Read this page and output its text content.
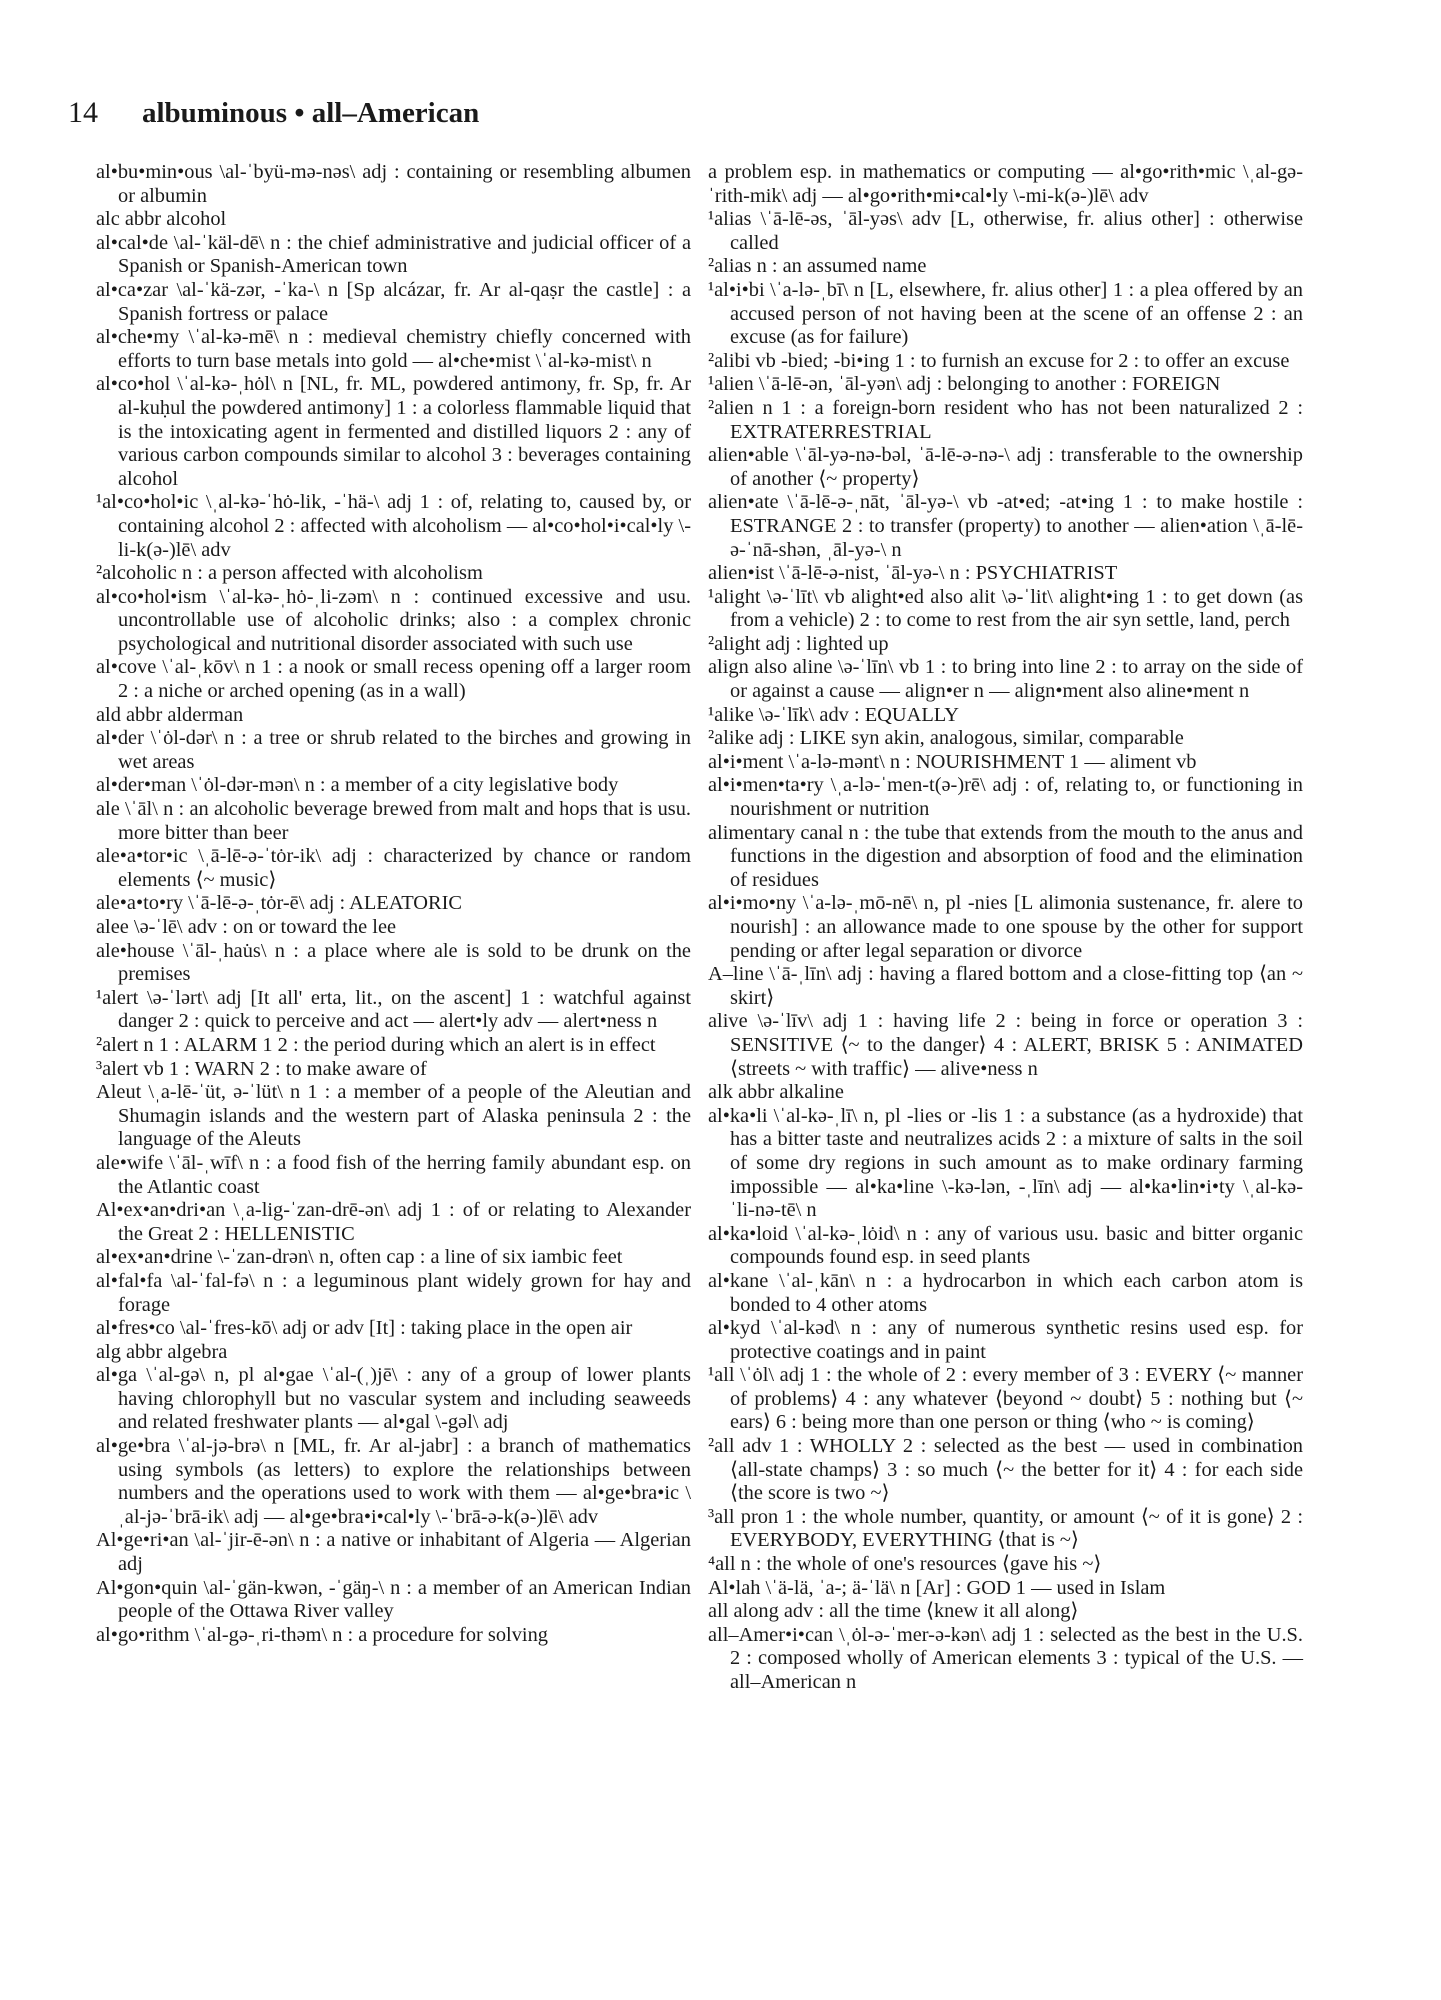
14 albuminous • all–American

al•bu•min•ous \al-ˈbyü-mə-nəs\ adj : containing or resembling albumen or albumin

alc abbr alcohol

al•cal•de \al-ˈkäl-dē\ n : the chief administrative and judicial officer of a Spanish or Spanish-American town

al•ca•zar \al-ˈkä-zər, -ˈka-\ n [Sp alcázar, fr. Ar al-qaṣr the castle] : a Spanish fortress or palace

al•che•my \ˈal-kə-mē\ n : medieval chemistry chiefly concerned with efforts to turn base metals into gold — al•che•mist \ˈal-kə-mist\ n

al•co•hol \ˈal-kə-ˌhȯl\ n [NL, fr. ML, powdered antimony, fr. Sp, fr. Ar al-kuḥul the powdered antimony] 1 : a colorless flammable liquid that is the intoxicating agent in fermented and distilled liquors 2 : any of various carbon compounds similar to alcohol 3 : beverages containing alcohol

¹al•co•hol•ic \ˌal-kə-ˈhȯ-lik, -ˈhä-\ adj 1 : of, relating to, caused by, or containing alcohol 2 : affected with alcoholism — al•co•hol•i•cal•ly \-li-k(ə-)lē\ adv

²alcoholic n : a person affected with alcoholism

al•co•hol•ism \ˈal-kə-ˌhȯ-ˌli-zəm\ n : continued excessive and usu. uncontrollable use of alcoholic drinks; also : a complex chronic psychological and nutritional disorder associated with such use

al•cove \ˈal-ˌkōv\ n 1 : a nook or small recess opening off a larger room 2 : a niche or arched opening (as in a wall)

ald abbr alderman

al•der \ˈȯl-dər\ n : a tree or shrub related to the birches and growing in wet areas

al•der•man \ˈȯl-dər-mən\ n : a member of a city legislative body

ale \ˈāl\ n : an alcoholic beverage brewed from malt and hops that is usu. more bitter than beer

ale•a•tor•ic \ˌā-lē-ə-ˈtȯr-ik\ adj : characterized by chance or random elements ⟨~ music⟩

ale•a•to•ry \ˈā-lē-ə-ˌtȯr-ē\ adj : ALEATORIC

alee \ə-ˈlē\ adv : on or toward the lee

ale•house \ˈāl-ˌhau̇s\ n : a place where ale is sold to be drunk on the premises

¹alert \ə-ˈlərt\ adj [It all' erta, lit., on the ascent] 1 : watchful against danger 2 : quick to perceive and act — alert•ly adv — alert•ness n

²alert n 1 : ALARM 1 2 : the period during which an alert is in effect

³alert vb 1 : WARN 2 : to make aware of

Aleut \ˌa-lē-ˈüt, ə-ˈlüt\ n 1 : a member of a people of the Aleutian and Shumagin islands and the western part of Alaska peninsula 2 : the language of the Aleuts

ale•wife \ˈāl-ˌwīf\ n : a food fish of the herring family abundant esp. on the Atlantic coast

Al•ex•an•dri•an \ˌa-lig-ˈzan-drē-ən\ adj 1 : of or relating to Alexander the Great 2 : HELLENISTIC

al•ex•an•drine \-ˈzan-drən\ n, often cap : a line of six iambic feet

al•fal•fa \al-ˈfal-fə\ n : a leguminous plant widely grown for hay and forage

al•fres•co \al-ˈfres-kō\ adj or adv [It] : taking place in the open air

alg abbr algebra

al•ga \ˈal-gə\ n, pl al•gae \ˈal-(ˌ)jē\ : any of a group of lower plants having chlorophyll but no vascular system and including seaweeds and related freshwater plants — al•gal \-gəl\ adj

al•ge•bra \ˈal-jə-brə\ n [ML, fr. Ar al-jabr] : a branch of mathematics using symbols (as letters) to explore the relationships between numbers and the operations used to work with them — al•ge•bra•ic \ˌal-jə-ˈbrā-ik\ adj — al•ge•bra•i•cal•ly \-ˈbrā-ə-k(ə-)lē\ adv

Al•ge•ri•an \al-ˈjir-ē-ən\ n : a native or inhabitant of Algeria — Algerian adj

Al•gon•quin \al-ˈgän-kwən, -ˈgäŋ-\ n : a member of an American Indian people of the Ottawa River valley

al•go•rithm \ˈal-gə-ˌri-thəm\ n : a procedure for solving

a problem esp. in mathematics or computing — al•go•rith•mic \ˌal-gə-ˈrith-mik\ adj — al•go•rith•mi•cal•ly \-mi-k(ə-)lē\ adv

¹alias \ˈā-lē-əs, ˈāl-yəs\ adv [L, otherwise, fr. alius other] : otherwise called

²alias n : an assumed name

¹al•i•bi \ˈa-lə-ˌbī\ n [L, elsewhere, fr. alius other] 1 : a plea offered by an accused person of not having been at the scene of an offense 2 : an excuse (as for failure)

²alibi vb -bied; -bi•ing 1 : to furnish an excuse for 2 : to offer an excuse

¹alien \ˈā-lē-ən, ˈāl-yən\ adj : belonging to another : FOREIGN

²alien n 1 : a foreign-born resident who has not been naturalized 2 : EXTRATERRESTRIAL

alien•able \ˈāl-yə-nə-bəl, ˈā-lē-ə-nə-\ adj : transferable to the ownership of another ⟨~ property⟩

alien•ate \ˈā-lē-ə-ˌnāt, ˈāl-yə-\ vb -at•ed; -at•ing 1 : to make hostile : ESTRANGE 2 : to transfer (property) to another — alien•ation \ˌā-lē-ə-ˈnā-shən, ˌāl-yə-\ n

alien•ist \ˈā-lē-ə-nist, ˈāl-yə-\ n : PSYCHIATRIST

¹alight \ə-ˈlīt\ vb alight•ed also alit \ə-ˈlit\ alight•ing 1 : to get down (as from a vehicle) 2 : to come to rest from the air syn settle, land, perch

²alight adj : lighted up

align also aline \ə-ˈlīn\ vb 1 : to bring into line 2 : to array on the side of or against a cause — align•er n — align•ment also aline•ment n

¹alike \ə-ˈlīk\ adv : EQUALLY

²alike adj : LIKE syn akin, analogous, similar, comparable

al•i•ment \ˈa-lə-mənt\ n : NOURISHMENT 1 — aliment vb

al•i•men•ta•ry \ˌa-lə-ˈmen-t(ə-)rē\ adj : of, relating to, or functioning in nourishment or nutrition

alimentary canal n : the tube that extends from the mouth to the anus and functions in the digestion and absorption of food and the elimination of residues

al•i•mo•ny \ˈa-lə-ˌmō-nē\ n, pl -nies [L alimonia sustenance, fr. alere to nourish] : an allowance made to one spouse by the other for support pending or after legal separation or divorce

A–line \ˈā-ˌlīn\ adj : having a flared bottom and a close-fitting top ⟨an ~ skirt⟩

alive \ə-ˈlīv\ adj 1 : having life 2 : being in force or operation 3 : SENSITIVE ⟨~ to the danger⟩ 4 : ALERT, BRISK 5 : ANIMATED ⟨streets ~ with traffic⟩ — alive•ness n

alk abbr alkaline

al•ka•li \ˈal-kə-ˌlī\ n, pl -lies or -lis 1 : a substance (as a hydroxide) that has a bitter taste and neutralizes acids 2 : a mixture of salts in the soil of some dry regions in such amount as to make ordinary farming impossible — al•ka•line \-kə-lən, -ˌlīn\ adj — al•ka•lin•i•ty \ˌal-kə-ˈli-nə-tē\ n

al•ka•loid \ˈal-kə-ˌlȯid\ n : any of various usu. basic and bitter organic compounds found esp. in seed plants

al•kane \ˈal-ˌkān\ n : a hydrocarbon in which each carbon atom is bonded to 4 other atoms

al•kyd \ˈal-kəd\ n : any of numerous synthetic resins used esp. for protective coatings and in paint

¹all \ˈȯl\ adj 1 : the whole of 2 : every member of 3 : EVERY ⟨~ manner of problems⟩ 4 : any whatever ⟨beyond ~ doubt⟩ 5 : nothing but ⟨~ ears⟩ 6 : being more than one person or thing ⟨who ~ is coming⟩

²all adv 1 : WHOLLY 2 : selected as the best — used in combination ⟨all-state champs⟩ 3 : so much ⟨~ the better for it⟩ 4 : for each side ⟨the score is two ~⟩

³all pron 1 : the whole number, quantity, or amount ⟨~ of it is gone⟩ 2 : EVERYBODY, EVERYTHING ⟨that is ~⟩

⁴all n : the whole of one's resources ⟨gave his ~⟩

Al•lah \ˈä-lä, ˈa-; ä-ˈlä\ n [Ar] : GOD 1 — used in Islam

all along adv : all the time ⟨knew it all along⟩

all–Amer•i•can \ˌȯl-ə-ˈmer-ə-kən\ adj 1 : selected as the best in the U.S. 2 : composed wholly of American elements 3 : typical of the U.S. — all–American n
